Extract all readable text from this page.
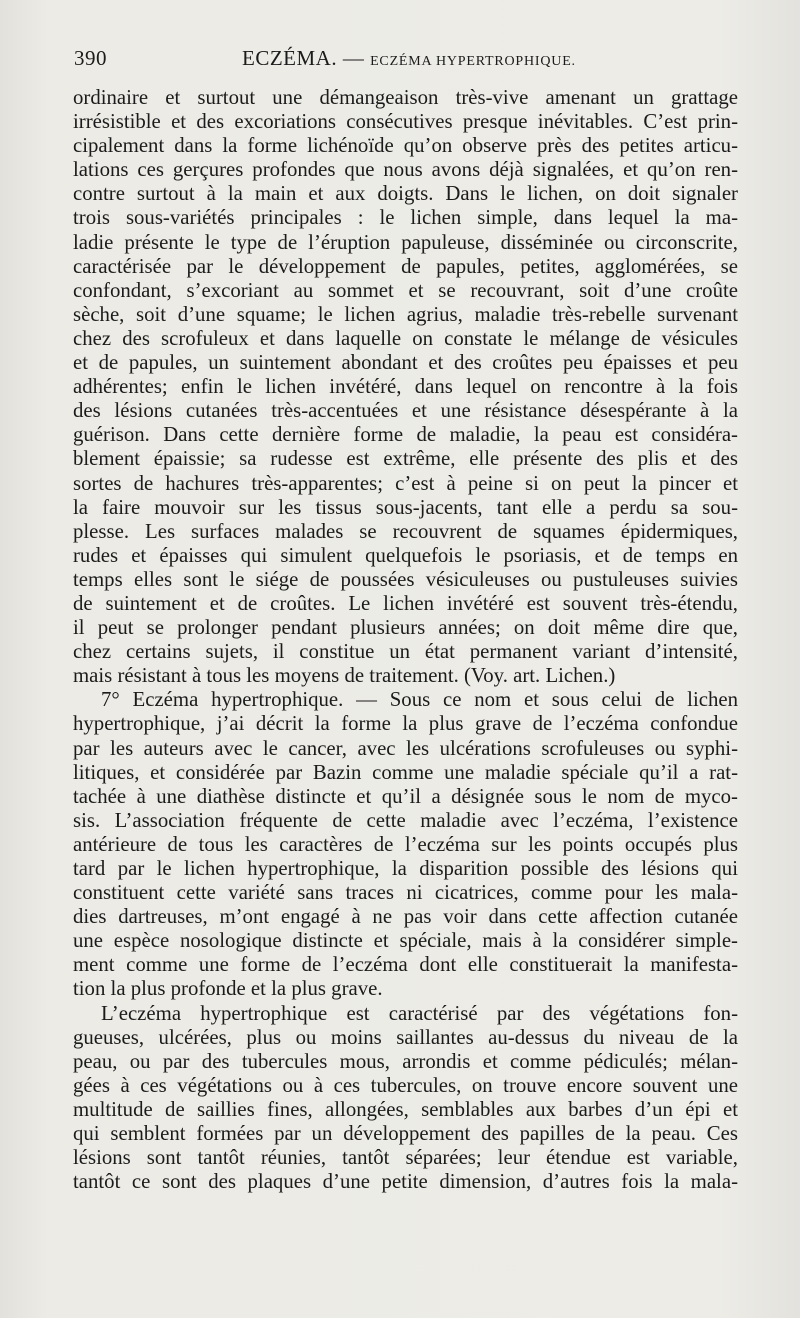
390	ECZÉMA. — ECZÉMA HYPERTROPHIQUE.
ordinaire et surtout une démangeaison très-vive amenant un grattage
irrésistible et des excoriations consécutives presque inévitables. C’est prin-
cipalement dans la forme lichénoïde qu’on observe près des petites articu-
lations ces gerçures profondes que nous avons déjà signalées, et qu’on ren-
contre surtout à la main et aux doigts. Dans le lichen, on doit signaler
trois sous-variétés principales : le lichen simple, dans lequel la ma-
ladie présente le type de l’éruption papuleuse, disséminée ou circonscrite,
caractérisée par le développement de papules, petites, agglomérées, se
confondant, s’excoriant au sommet et se recouvrant, soit d’une croûte
sèche, soit d’une squame; le lichen agrius, maladie très-rebelle survenant
chez des scrofuleux et dans laquelle on constate le mélange de vésicules
et de papules, un suintement abondant et des croûtes peu épaisses et peu
adhérentes; enfin le lichen invétéré, dans lequel on rencontre à la fois
des lésions cutanées très-accentuées et une résistance désespérante à la
guérison. Dans cette dernière forme de maladie, la peau est considéra-
blement épaissie; sa rudesse est extrême, elle présente des plis et des
sortes de hachures très-apparentes; c’est à peine si on peut la pincer et
la faire mouvoir sur les tissus sous-jacents, tant elle a perdu sa sou-
plesse. Les surfaces malades se recouvrent de squames épidermiques,
rudes et épaisses qui simulent quelquefois le psoriasis, et de temps en
temps elles sont le siége de poussées vésiculeuses ou pustuleuses suivies
de suintement et de croûtes. Le lichen invétéré est souvent très-étendu,
il peut se prolonger pendant plusieurs années; on doit même dire que,
chez certains sujets, il constitue un état permanent variant d’intensité,
mais résistant à tous les moyens de traitement. (Voy. art. Lichen.)
7° Eczéma hypertrophique. — Sous ce nom et sous celui de lichen
hypertrophique, j’ai décrit la forme la plus grave de l’eczéma confondue
par les auteurs avec le cancer, avec les ulcérations scrofuleuses ou syphi-
litiques, et considérée par Bazin comme une maladie spéciale qu’il a rat-
tachée à une diathèse distincte et qu’il a désignée sous le nom de myco-
sis. L’association fréquente de cette maladie avec l’eczéma, l’existence
antérieure de tous les caractères de l’eczéma sur les points occupés plus
tard par le lichen hypertrophique, la disparition possible des lésions qui
constituent cette variété sans traces ni cicatrices, comme pour les mala-
dies dartreuses, m’ont engagé à ne pas voir dans cette affection cutanée
une espèce nosologique distincte et spéciale, mais à la considérer simple-
ment comme une forme de l’eczéma dont elle constituerait la manifesta-
tion la plus profonde et la plus grave.
L’eczéma hypertrophique est caractérisé par des végétations fon-
gueuses, ulcérées, plus ou moins saillantes au-dessus du niveau de la
peau, ou par des tubercules mous, arrondis et comme pédiculés; mélan-
gées à ces végétations ou à ces tubercules, on trouve encore souvent une
multitude de saillies fines, allongées, semblables aux barbes d’un épi et
qui semblent formées par un développement des papilles de la peau. Ces
lésions sont tantôt réunies, tantôt séparées; leur étendue est variable,
tantôt ce sont des plaques d’une petite dimension, d’autres fois la mala-
